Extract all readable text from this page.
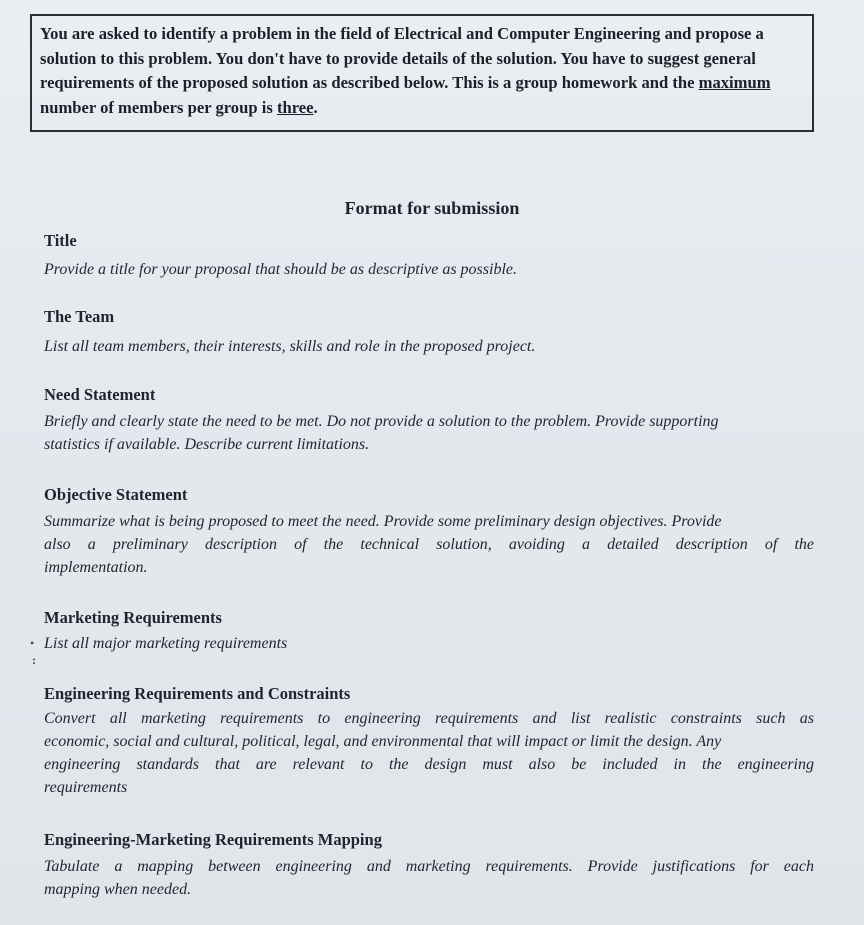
You are asked to identify a problem in the field of Electrical and Computer Engineering and propose a
solution to this problem. You don't have to provide details of the solution. You have to suggest general
requirements of the proposed solution as described below. This is a group homework and the maximum
number of members per group is three.
Format for submission
Title
Provide a title for your proposal that should be as descriptive as possible.
The Team
List all team members, their interests, skills and role in the proposed project.
Need Statement
Briefly and clearly state the need to be met. Do not provide a solution to the problem. Provide supporting
statistics if available. Describe current limitations.
Objective Statement
Summarize what is being proposed to meet the need. Provide some preliminary design objectives. Provide
also a preliminary description of the technical solution, avoiding a detailed description of the
implementation.
•
:
Marketing Requirements
List all major marketing requirements
Engineering Requirements and Constraints
Convert all marketing requirements to engineering requirements and list realistic constraints such as
economic, social and cultural, political, legal, and environmental that will impact or limit the design. Any
engineering standards that are relevant to the design must also be included in the engineering
requirements
Engineering-Marketing Requirements Mapping
Tabulate a mapping between engineering and marketing requirements. Provide justifications for each
mapping when needed.
